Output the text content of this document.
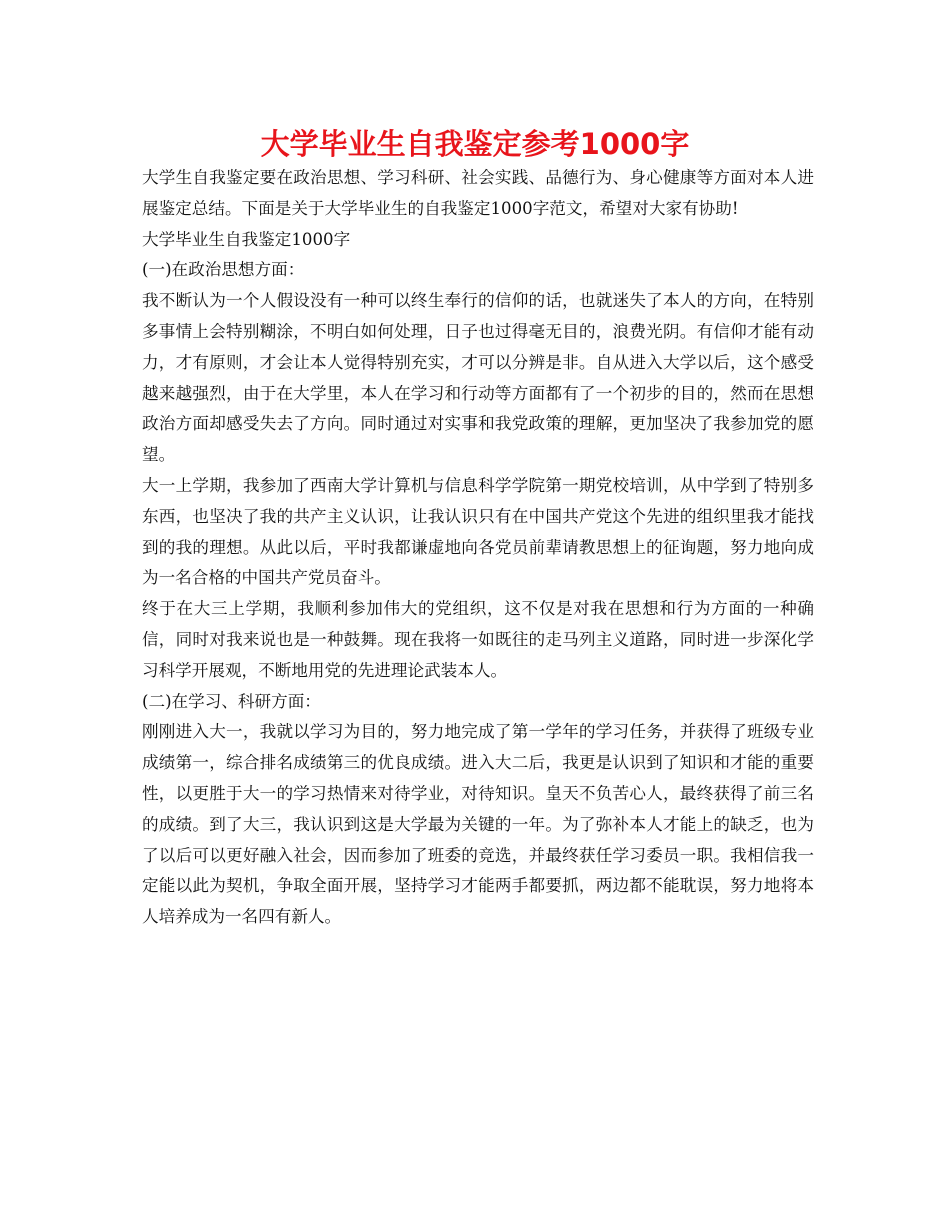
大学毕业生自我鉴定参考1000字

大学生自我鉴定要在政治思想、学习科研、社会实践、品德行为、身心健康等方面对本人进展鉴定总结。下面是关于大学毕业生的自我鉴定1000字范文，希望对大家有协助!

大学毕业生自我鉴定1000字

(一)在政治思想方面：

我不断认为一个人假设没有一种可以终生奉行的信仰的话，也就迷失了本人的方向，在特别多事情上会特别糊涂，不明白如何处理，日子也过得毫无目的，浪费光阴。有信仰才能有动力，才有原则，才会让本人觉得特别充实，才可以分辨是非。自从进入大学以后，这个感受越来越强烈，由于在大学里，本人在学习和行动等方面都有了一个初步的目的，然而在思想政治方面却感受失去了方向。同时通过对实事和我党政策的理解，更加坚决了我参加党的愿望。

大一上学期，我参加了西南大学计算机与信息科学学院第一期党校培训，从中学到了特别多东西，也坚决了我的共产主义认识，让我认识只有在中国共产党这个先进的组织里我才能找到的我的理想。从此以后，平时我都谦虚地向各党员前辈请教思想上的征询题，努力地向成为一名合格的中国共产党员奋斗。

终于在大三上学期，我顺利参加伟大的党组织，这不仅是对我在思想和行为方面的一种确信，同时对我来说也是一种鼓舞。现在我将一如既往的走马列主义道路，同时进一步深化学习科学开展观，不断地用党的先进理论武装本人。

(二)在学习、科研方面：

刚刚进入大一，我就以学习为目的，努力地完成了第一学年的学习任务，并获得了班级专业成绩第一，综合排名成绩第三的优良成绩。进入大二后，我更是认识到了知识和才能的重要性，以更胜于大一的学习热情来对待学业，对待知识。皇天不负苦心人，最终获得了前三名的成绩。到了大三，我认识到这是大学最为关键的一年。为了弥补本人才能上的缺乏，也为了以后可以更好融入社会，因而参加了班委的竞选，并最终获任学习委员一职。我相信我一定能以此为契机，争取全面开展，坚持学习才能两手都要抓，两边都不能耽误，努力地将本人培养成为一名四有新人。
